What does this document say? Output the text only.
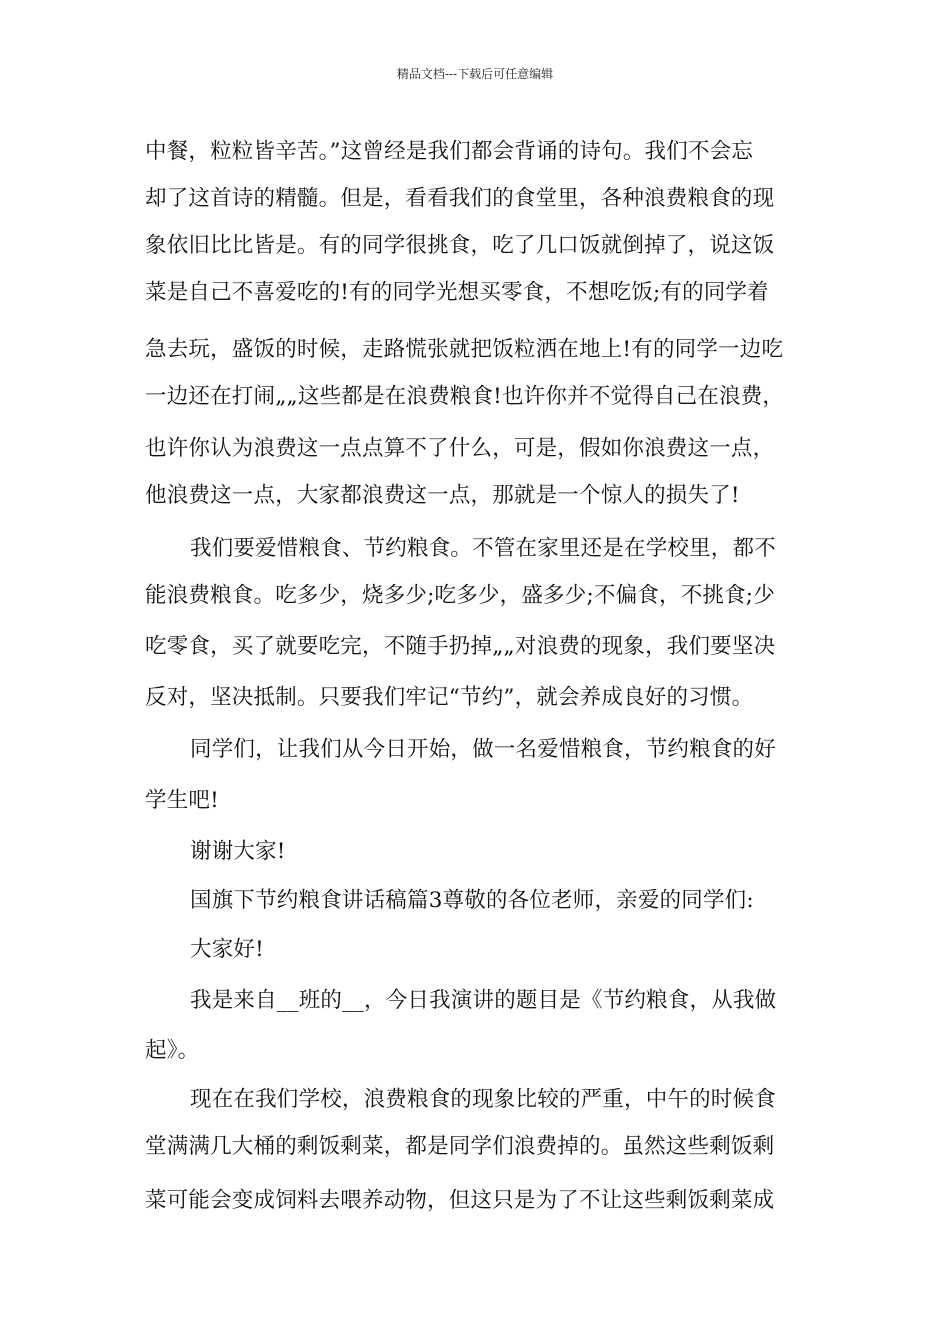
精品文档---下载后可任意编辑
中餐，粒粒皆辛苦。”这曾经是我们都会背诵的诗句。我们不会忘
却了这首诗的精髓。但是，看看我们的食堂里，各种浪费粮食的现
象依旧比比皆是。有的同学很挑食，吃了几口饭就倒掉了，说这饭
菜是自己不喜爱吃的!有的同学光想买零食，不想吃饭;有的同学着
急去玩，盛饭的时候，走路慌张就把饭粒洒在地上!有的同学一边吃
一边还在打闹„„这些都是在浪费粮食!也许你并不觉得自己在浪费，
也许你认为浪费这一点点算不了什么，可是，假如你浪费这一点，
他浪费这一点，大家都浪费这一点，那就是一个惊人的损失了!
我们要爱惜粮食、节约粮食。不管在家里还是在学校里，都不
能浪费粮食。吃多少，烧多少;吃多少，盛多少;不偏食，不挑食;少
吃零食，买了就要吃完，不随手扔掉„„对浪费的现象，我们要坚决
反对，坚决抵制。只要我们牢记“节约”，就会养成良好的习惯。
同学们，让我们从今日开始，做一名爱惜粮食，节约粮食的好
学生吧!
谢谢大家!
国旗下节约粮食讲话稿篇3尊敬的各位老师，亲爱的同学们:
大家好!
我是来自__班的__，今日我演讲的题目是《节约粮食，从我做
起》。
现在在我们学校，浪费粮食的现象比较的严重，中午的时候食
堂满满几大桶的剩饭剩菜，都是同学们浪费掉的。虽然这些剩饭剩
菜可能会变成饲料去喂养动物，但这只是为了不让这些剩饭剩菜成
